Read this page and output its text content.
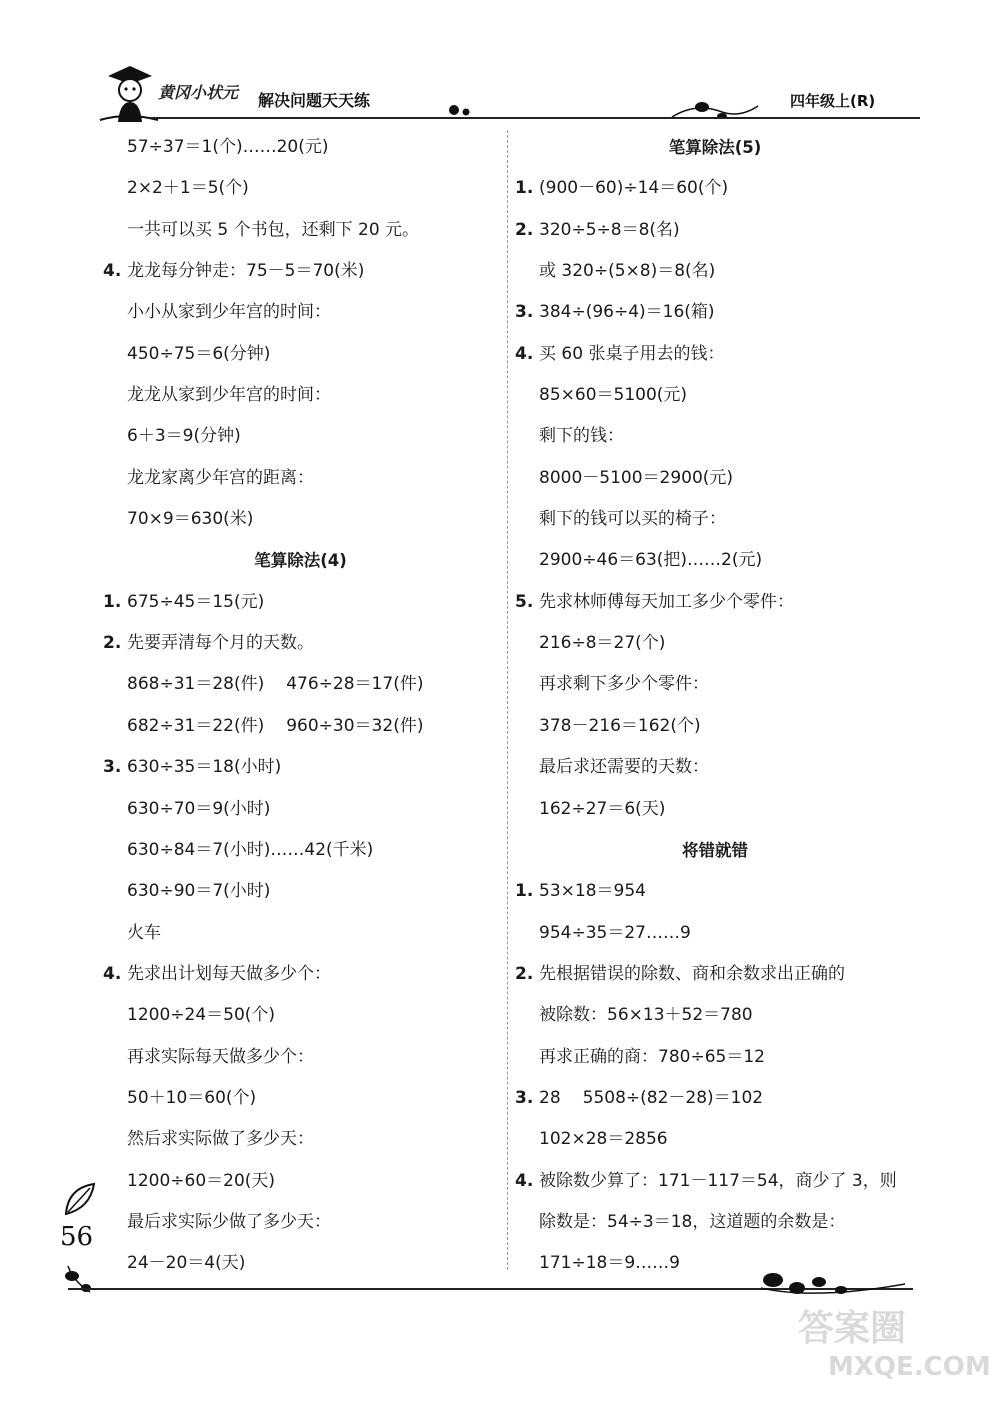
黄冈小状元 解决问题天天练	四年级上(R)
57÷37＝1(个)……20(元)
2×2＋1＝5(个)
一共可以买 5 个书包，还剩下 20 元。
4. 龙龙每分钟走：75－5＝70(米)
小小从家到少年宫的时间：
450÷75＝6(分钟)
龙龙从家到少年宫的时间：
6＋3＝9(分钟)
龙龙家离少年宫的距离：
70×9＝630(米)
笔算除法(4)
1. 675÷45＝15(元)
2. 先要弄清每个月的天数。
868÷31＝28(件) 476÷28＝17(件)
682÷31＝22(件) 960÷30＝32(件)
3. 630÷35＝18(小时)
630÷70＝9(小时)
630÷84＝7(小时)……42(千米)
630÷90＝7(小时)
火车
4. 先求出计划每天做多少个：
1200÷24＝50(个)
再求实际每天做多少个：
50＋10＝60(个)
然后求实际做了多少天：
1200÷60＝20(天)
最后求实际少做了多少天：
24－20＝4(天)
笔算除法(5)
1. (900－60)÷14＝60(个)
2. 320÷5÷8＝8(名)
或 320÷(5×8)＝8(名)
3. 384÷(96÷4)＝16(箱)
4. 买 60 张桌子用去的钱：
85×60＝5100(元)
剩下的钱：
8000－5100＝2900(元)
剩下的钱可以买的椅子：
2900÷46＝63(把)……2(元)
5. 先求林师傅每天加工多少个零件：
216÷8＝27(个)
再求剩下多少个零件：
378－216＝162(个)
最后求还需要的天数：
162÷27＝6(天)
将错就错
1. 53×18＝954
954÷35＝27……9
2. 先根据错误的除数、商和余数求出正确的
被除数：56×13＋52＝780
再求正确的商：780÷65＝12
3. 28 5508÷(82－28)＝102
102×28＝2856
4. 被除数少算了：171－117＝54，商少了 3，则
除数是：54÷3＝18，这道题的余数是：
171÷18＝9……9
56
答案圈
MXQE.COM
